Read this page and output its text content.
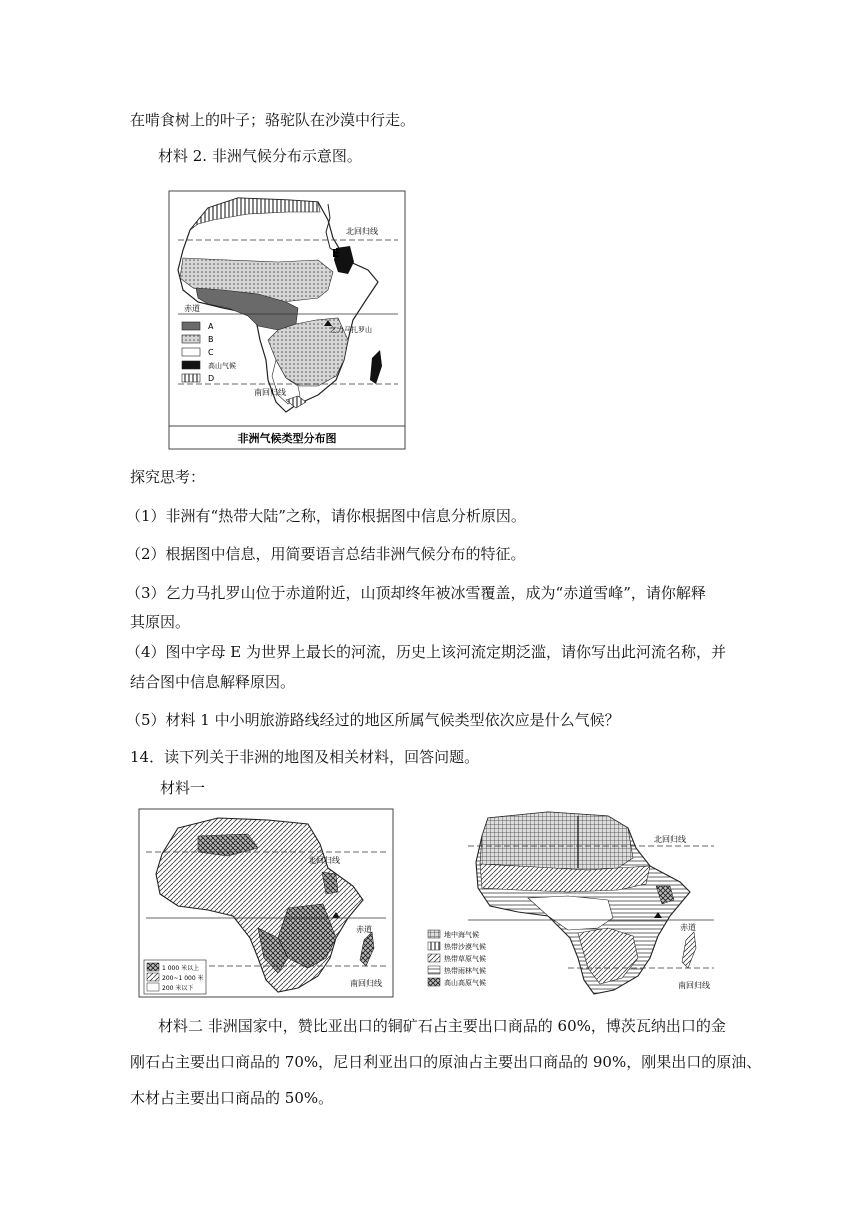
在啃食树上的叶子；骆驼队在沙漠中行走。
材料 2. 非洲气候分布示意图。
E
北回归线
赤道
南回归线
乞力马扎罗山
A
B
C
高山气候
D
非洲气候类型分布图
探究思考：
（1）非洲有“热带大陆”之称，请你根据图中信息分析原因。
（2）根据图中信息，用简要语言总结非洲气候分布的特征。
（3）乞力马扎罗山位于赤道附近，山顶却终年被冰雪覆盖，成为“赤道雪峰”，请你解释
其原因。
（4）图中字母 E 为世界上最长的河流，历史上该河流定期泛滥，请你写出此河流名称，并
结合图中信息解释原因。
（5）材料 1 中小明旅游路线经过的地区所属气候类型依次应是什么气候？
14．读下列关于非洲的地图及相关材料，回答问题。
材料一
北回归线
赤道
南回归线
1 000 米以上
200~1 000 米
200 米以下
北回归线
赤道
南回归线
地中海气候
热带沙漠气候
热带草原气候
热带雨林气候
高山高原气候
材料二 非洲国家中，赞比亚出口的铜矿石占主要出口商品的 60%，博茨瓦纳出口的金
刚石占主要出口商品的 70%，尼日利亚出口的原油占主要出口商品的 90%，刚果出口的原油、
木材占主要出口商品的 50%。
